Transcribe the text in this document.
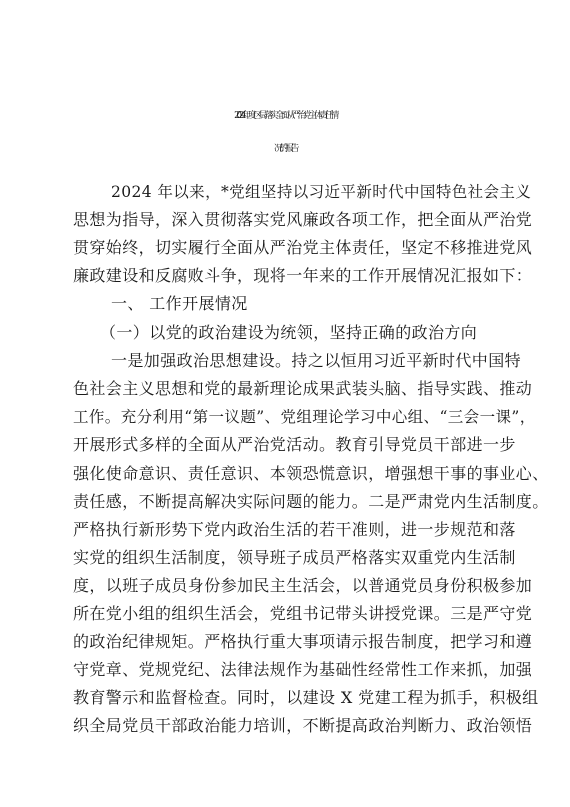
2024 年度区局落实全面从严治党主体责任情
况的报告
2024 年以来，*党组坚持以习近平新时代中国特色社会主义
思想为指导，深入贯彻落实党风廉政各项工作，把全面从严治党
贯穿始终，切实履行全面从严治党主体责任，坚定不移推进党风
廉政建设和反腐败斗争，现将一年来的工作开展情况汇报如下：
一、 工作开展情况
（一）以党的政治建设为统领，坚持正确的政治方向
一是加强政治思想建设。持之以恒用习近平新时代中国特
色社会主义思想和党的最新理论成果武装头脑、指导实践、推动
工作。充分利用“第一议题”、党组理论学习中心组、“三会一课”，
开展形式多样的全面从严治党活动。教育引导党员干部进一步
强化使命意识、责任意识、本领恐慌意识，增强想干事的事业心、
责任感，不断提高解决实际问题的能力。二是严肃党内生活制度。
严格执行新形势下党内政治生活的若干准则，进一步规范和落
实党的组织生活制度，领导班子成员严格落实双重党内生活制
度，以班子成员身份参加民主生活会，以普通党员身份积极参加
所在党小组的组织生活会，党组书记带头讲授党课。三是严守党
的政治纪律规矩。严格执行重大事项请示报告制度，把学习和遵
守党章、党规党纪、法律法规作为基础性经常性工作来抓，加强
教育警示和监督检查。同时，以建设 X 党建工程为抓手，积极组
织全局党员干部政治能力培训，不断提高政治判断力、政治领悟
